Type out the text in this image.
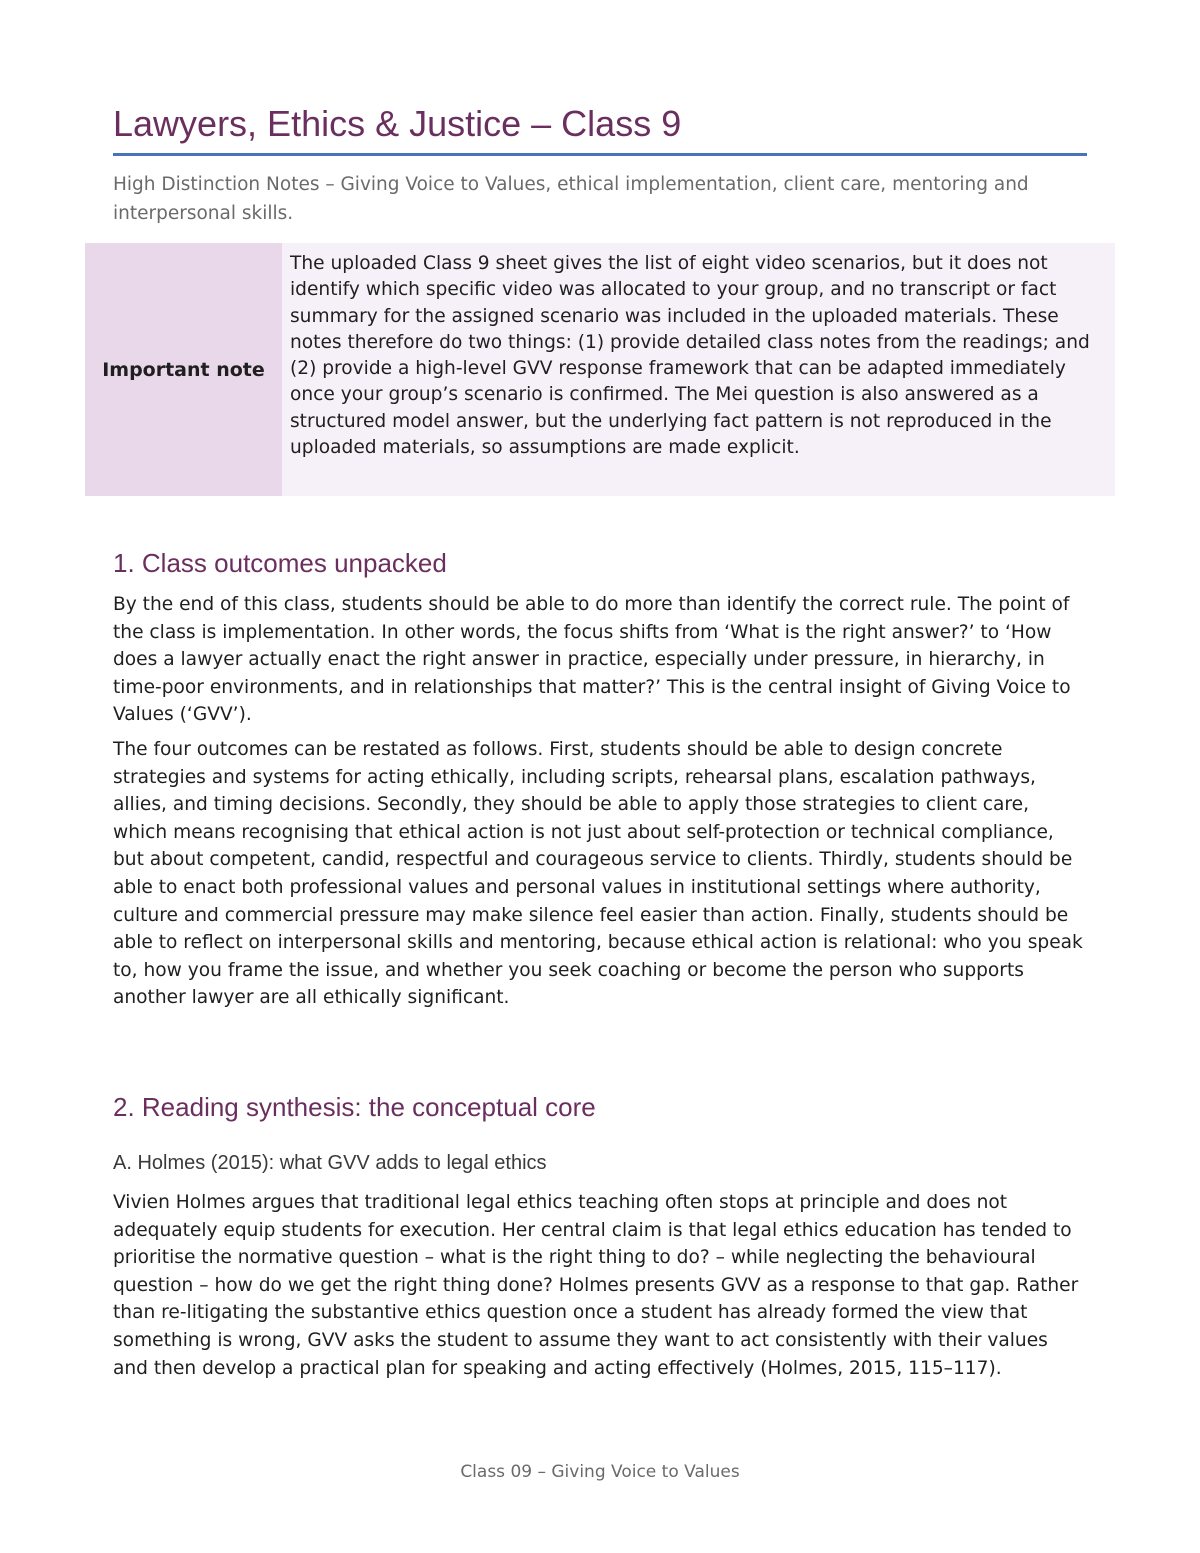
Lawyers, Ethics & Justice – Class 9

High Distinction Notes – Giving Voice to Values, ethical implementation, client care, mentoring and interpersonal skills.

Important note
The uploaded Class 9 sheet gives the list of eight video scenarios, but it does not identify which specific video was allocated to your group, and no transcript or fact summary for the assigned scenario was included in the uploaded materials. These notes therefore do two things: (1) provide detailed class notes from the readings; and (2) provide a high-level GVV response framework that can be adapted immediately once your group’s scenario is confirmed. The Mei question is also answered as a structured model answer, but the underlying fact pattern is not reproduced in the uploaded materials, so assumptions are made explicit.
1. Class outcomes unpacked

By the end of this class, students should be able to do more than identify the correct rule. The point of the class is implementation. In other words, the focus shifts from ‘What is the right answer?’ to ‘How does a lawyer actually enact the right answer in practice, especially under pressure, in hierarchy, in time-poor environments, and in relationships that matter?’ This is the central insight of Giving Voice to Values (‘GVV’).

The four outcomes can be restated as follows. First, students should be able to design concrete strategies and systems for acting ethically, including scripts, rehearsal plans, escalation pathways, allies, and timing decisions. Secondly, they should be able to apply those strategies to client care, which means recognising that ethical action is not just about self-protection or technical compliance, but about competent, candid, respectful and courageous service to clients. Thirdly, students should be able to enact both professional values and personal values in institutional settings where authority, culture and commercial pressure may make silence feel easier than action. Finally, students should be able to reflect on interpersonal skills and mentoring, because ethical action is relational: who you speak to, how you frame the issue, and whether you seek coaching or become the person who supports another lawyer are all ethically significant.

2. Reading synthesis: the conceptual core
A. Holmes (2015): what GVV adds to legal ethics

Vivien Holmes argues that traditional legal ethics teaching often stops at principle and does not adequately equip students for execution. Her central claim is that legal ethics education has tended to prioritise the normative question – what is the right thing to do? – while neglecting the behavioural question – how do we get the right thing done? Holmes presents GVV as a response to that gap. Rather than re-litigating the substantive ethics question once a student has already formed the view that something is wrong, GVV asks the student to assume they want to act consistently with their values and then develop a practical plan for speaking and acting effectively (Holmes, 2015, 115–117).

Class 09 – Giving Voice to Values
